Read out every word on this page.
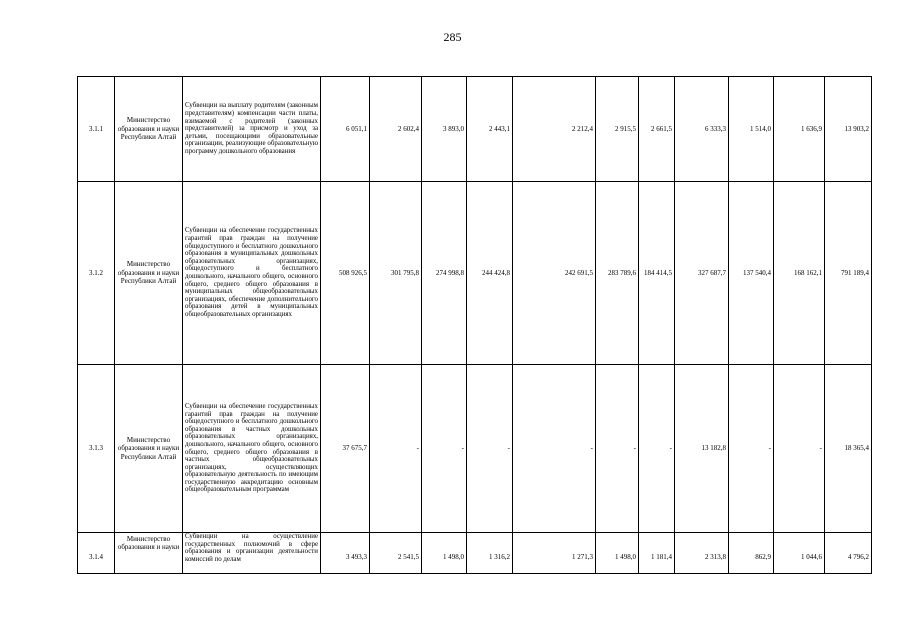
285
3.1.1	Министерство образования и науки Республики Алтай	Субвенции на выплату родителям (законным представителям) компенсации части платы, взимаемой с родителей (законных представителей) за присмотр и уход за детьми, посещающими образовательные организации, реализующие образовательную программу дошкольного образования	6 051,1	2 602,4	3 893,0	2 443,1	2 212,4	2 915,5	2 661,5	6 333,3	1 514,0	1 636,9	13 903,2
3.1.2	Министерство образования и науки Республики Алтай	Субвенции на обеспечение государственных гарантий прав граждан на получение общедоступного и бесплатного дошкольного образования в муниципальных дошкольных образовательных организациях, общедоступного и бесплатного дошкольного, начального общего, основного общего, среднего общего образования в муниципальных общеобразовательных организациях, обеспечение дополнительного образования детей в муниципальных общеобразовательных организациях	508 926,5	301 795,8	274 998,8	244 424,8	242 691,5	283 789,6	184 414,5	327 687,7	137 540,4	168 162,1	791 189,4
3.1.3	Министерство образования и науки Республики Алтай	Субвенции на обеспечение государственных гарантий прав граждан на получение общедоступного и бесплатного дошкольного образования в частных дошкольных образовательных организациях, дошкольного, начального общего, основного общего, среднего общего образования в частных общеобразовательных организациях, осуществляющих образовательную деятельность по имеющим государственную аккредитацию основным общеобразовательным программам	37 675,7	-	-	-	-	-	-	13 182,8	-	-	18 365,4
3.1.4	Министерство образования и науки	Субвенции на осуществление государственных полномочий в сфере образования и организации деятельности комиссий по делам	3 493,3	2 541,5	1 498,0	1 316,2	1 271,3	1 498,0	1 181,4	2 313,8	862,9	1 044,6	4 796,2
